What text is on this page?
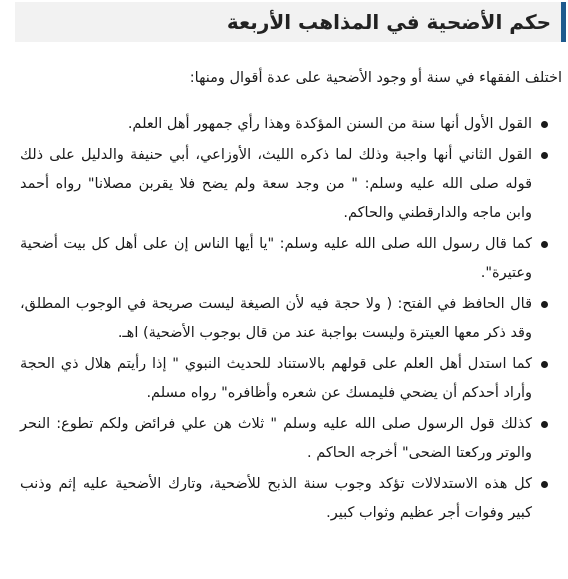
حكم الأضحية في المذاهب الأربعة

اختلف الفقهاء في سنة أو وجود الأضحية على عدة أقوال ومنها:

القول الأول أنها سنة من السنن المؤكدة وهذا رأي جمهور أهل العلم.
القول الثاني أنها واجبة وذلك لما ذكره الليث، الأوزاعي، أبي حنيفة والدليل على ذلك قوله صلى الله عليه وسلم: " من وجد سعة ولم يضح فلا يقربن مصلانا" رواه أحمد وابن ماجه والدارقطني والحاكم.
كما قال رسول الله صلى الله عليه وسلم: "يا أيها الناس إن على أهل كل بيت أضحية وعتيرة".
قال الحافظ في الفتح: ( ولا حجة فيه لأن الصيغة ليست صريحة في الوجوب المطلق، وقد ذكر معها العيترة وليست بواجبة عند من قال بوجوب الأضحية) اهـ.
كما استدل أهل العلم على قولهم بالاستناد للحديث النبوي " إذا رأيتم هلال ذي الحجة وأراد أحدكم أن يضحي فليمسك عن شعره وأظافره" رواه مسلم.
كذلك قول الرسول صلى الله عليه وسلم " ثلاث هن علي فرائض ولكم تطوع: النحر والوتر وركعتا الضحى" أخرجه الحاكم .
كل هذه الاستدلالات تؤكد وجوب سنة الذبح للأضحية، وتارك الأضحية عليه إثم وذنب كبير وفوات أجر عظيم وثواب كبير.
